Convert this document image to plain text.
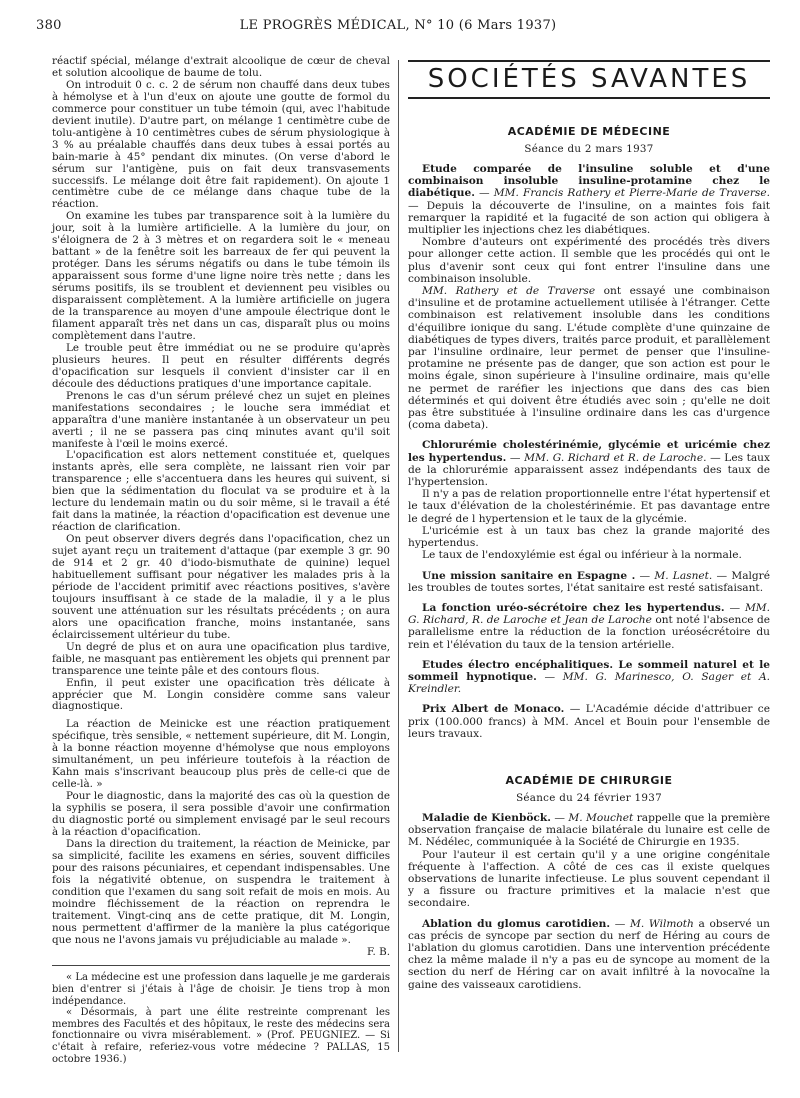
380	LE PROGRÈS MÉDICAL, N° 10 (6 Mars 1937)

réactif spécial, mélange d'extrait alcoolique de cœur de cheval et solution alcoolique de baume de tolu.

On introduit 0 c. c. 2 de sérum non chauffé dans deux tubes à hémolyse et à l'un d'eux on ajoute une goutte de formol du commerce pour constituer un tube témoin (qui, avec l'habitude devient inutile). D'autre part, on mélange 1 centimètre cube de tolu-antigène à 10 centimètres cubes de sérum physiologique à 3 % au préalable chauffés dans deux tubes à essai portés au bain-marie à 45° pendant dix minutes. (On verse d'abord le sérum sur l'antigène, puis on fait deux transvasements successifs. Le mélange doit être fait rapidement). On ajoute 1 centimètre cube de ce mélange dans chaque tube de la réaction.

On examine les tubes par transparence soit à la lumière du jour, soit à la lumière artificielle. A la lumière du jour, on s'éloignera de 2 à 3 mètres et on regardera soit le « meneau battant » de la fenêtre soit les barreaux de fer qui peuvent la protéger. Dans les sérums négatifs ou dans le tube témoin ils apparaissent sous forme d'une ligne noire très nette ; dans les sérums positifs, ils se troublent et deviennent peu visibles ou disparaissent complètement. A la lumière artificielle on jugera de la transparence au moyen d'une ampoule électrique dont le filament apparaît très net dans un cas, disparaît plus ou moins complètement dans l'autre.

Le trouble peut être immédiat ou ne se produire qu'après plusieurs heures. Il peut en résulter différents degrés d'opacification sur lesquels il convient d'insister car il en découle des déductions pratiques d'une importance capitale.

Prenons le cas d'un sérum prélevé chez un sujet en pleines manifestations secondaires ; le louche sera immédiat et apparaîtra d'une manière instantanée à un observateur un peu averti ; il ne se passera pas cinq minutes avant qu'il soit manifeste à l'œil le moins exercé.

L'opacification est alors nettement constituée et, quelques instants après, elle sera complète, ne laissant rien voir par transparence ; elle s'accentuera dans les heures qui suivent, si bien que la sédimentation du floculat va se produire et à la lecture du lendemain matin ou du soir même, si le travail a été fait dans la matinée, la réaction d'opacification est devenue une réaction de clarification.

On peut observer divers degrés dans l'opacification, chez un sujet ayant reçu un traitement d'attaque (par exemple 3 gr. 90 de 914 et 2 gr. 40 d'iodo-bismuthate de quinine) lequel habituellement suffisant pour négativer les malades pris à la période de l'accident primitif avec réactions positives, s'avère toujours insuffisant à ce stade de la maladie, il y a le plus souvent une atténuation sur les résultats précédents ; on aura alors une opacification franche, moins instantanée, sans éclaircissement ultérieur du tube.

Un degré de plus et on aura une opacification plus tardive, faible, ne masquant pas entièrement les objets qui prennent par transparence une teinte pâle et des contours flous.

Enfin, il peut exister une opacification très délicate à apprécier que M. Longin considère comme sans valeur diagnostique.

La réaction de Meinicke est une réaction pratiquement spécifique, très sensible, « nettement supérieure, dit M. Longin, à la bonne réaction moyenne d'hémolyse que nous employons simultanément, un peu inférieure toutefois à la réaction de Kahn mais s'inscrivant beaucoup plus près de celle-ci que de celle-là. »

Pour le diagnostic, dans la majorité des cas où la question de la syphilis se posera, il sera possible d'avoir une confirmation du diagnostic porté ou simplement envisagé par le seul recours à la réaction d'opacification.

Dans la direction du traitement, la réaction de Meinicke, par sa simplicité, facilite les examens en séries, souvent difficiles pour des raisons pécuniaires, et cependant indispensables. Une fois la négativité obtenue, on suspendra le traitement à condition que l'examen du sang soit refait de mois en mois. Au moindre fléchissement de la réaction on reprendra le traitement. Vingt-cinq ans de cette pratique, dit M. Longin, nous permettent d'affirmer de la manière la plus catégorique que nous ne l'avons jamais vu préjudiciable au malade ».

F. B.

« La médecine est une profession dans laquelle je me garderais bien d'entrer si j'étais à l'âge de choisir. Je tiens trop à mon indépendance.

« Désormais, à part une élite restreinte comprenant les membres des Facultés et des hôpitaux, le reste des médecins sera fonctionnaire ou vivra misérablement. » (Prof. PEUGNIEZ. — Si c'était à refaire, referiez-vous votre médecine ? PALLAS, 15 octobre 1936.)

SOCIÉTÉS SAVANTES
ACADÉMIE DE MÉDECINE
Séance du 2 mars 1937

Etude comparée de l'insuline soluble et d'une combinaison insoluble insuline-protamine chez le diabétique. — MM. Francis Rathery et Pierre-Marie de Traverse. — Depuis la découverte de l'insuline, on a maintes fois fait remarquer la rapidité et la fugacité de son action qui obligera à multiplier les injections chez les diabétiques.

Nombre d'auteurs ont expérimenté des procédés très divers pour allonger cette action. Il semble que les procédés qui ont le plus d'avenir sont ceux qui font entrer l'insuline dans une combinaison insoluble.

MM. Rathery et de Traverse ont essayé une combinaison d'insuline et de protamine actuellement utilisée à l'étranger. Cette combinaison est relativement insoluble dans les conditions d'équilibre ionique du sang. L'étude complète d'une quinzaine de diabétiques de types divers, traités parce produit, et parallèlement par l'insuline ordinaire, leur permet de penser que l'insuline-protamine ne présente pas de danger, que son action est pour le moins égale, sinon supérieure à l'insuline ordinaire, mais qu'elle ne permet de raréfier les injections que dans des cas bien déterminés et qui doivent être étudiés avec soin ; qu'elle ne doit pas être substituée à l'insuline ordinaire dans les cas d'urgence (coma dabeta).

Chlorurémie cholestérinémie, glycémie et uricémie chez les hypertendus. — MM. G. Richard et R. de Laroche. — Les taux de la chlorurémie apparaissent assez indépendants des taux de l'hypertension.

Il n'y a pas de relation proportionnelle entre l'état hypertensif et le taux d'élévation de la cholestérinémie. Et pas davantage entre le degré de l hypertension et le taux de la glycémie.

L'uricémie est à un taux bas chez la grande majorité des hypertendus.

Le taux de l'endoxylémie est égal ou inférieur à la normale.

Une mission sanitaire en Espagne . — M. Lasnet. — Malgré les troubles de toutes sortes, l'état sanitaire est resté satisfaisant.

La fonction uréo-sécrétoire chez les hypertendus. — MM. G. Richard, R. de Laroche et Jean de Laroche ont noté l'absence de parallelisme entre la réduction de la fonction uréosécrétoire du rein et l'élévation du taux de la tension artérielle.

Etudes électro encéphalitiques. Le sommeil naturel et le sommeil hypnotique. — MM. G. Marinesco, O. Sager et A. Kreindler.

Prix Albert de Monaco. — L'Académie décide d'attribuer ce prix (100.000 francs) à MM. Ancel et Bouin pour l'ensemble de leurs travaux.

ACADÉMIE DE CHIRURGIE
Séance du 24 février 1937

Maladie de Kienböck. — M. Mouchet rappelle que la première observation française de malacie bilatérale du lunaire est celle de M. Nédélec, communiquée à la Société de Chirurgie en 1935.

Pour l'auteur il est certain qu'il y a une origine congénitale fréquente à l'affection. A côté de ces cas il existe quelques observations de lunarite infectieuse. Le plus souvent cependant il y a fissure ou fracture primitives et la malacie n'est que secondaire.

Ablation du glomus carotidien. — M. Wilmoth a observé un cas précis de syncope par section du nerf de Héring au cours de l'ablation du glomus carotidien. Dans une intervention précédente chez la même malade il n'y a pas eu de syncope au moment de la section du nerf de Héring car on avait infiltré à la novocaïne la gaine des vaisseaux carotidiens.
